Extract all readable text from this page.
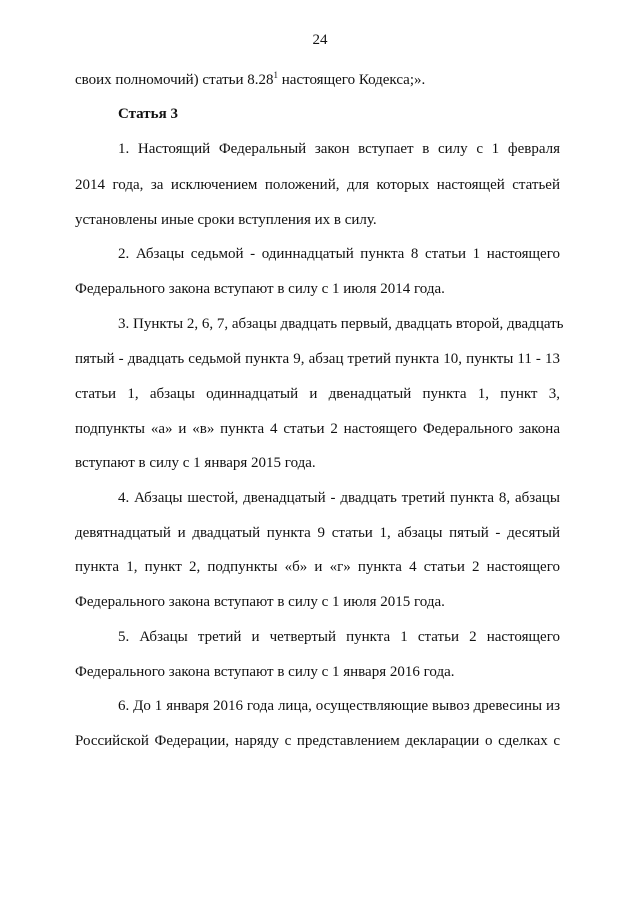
24
своих полномочий) статьи 8.28$^1$ настоящего Кодекса;».
Статья 3
1. Настоящий Федеральный закон вступает в силу с 1 февраля
2014 года, за исключением положений, для которых настоящей статьей
установлены иные сроки вступления их в силу.
2. Абзацы седьмой - одиннадцатый пункта 8 статьи 1 настоящего
Федерального закона вступают в силу с 1 июля 2014 года.
3. Пункты 2, 6, 7, абзацы двадцать первый, двадцать второй, двадцать
пятый - двадцать седьмой пункта 9, абзац третий пункта 10, пункты 11 - 13
статьи 1, абзацы одиннадцатый и двенадцатый пункта 1, пункт 3,
подпункты «а» и «в» пункта 4 статьи 2 настоящего Федерального закона
вступают в силу с 1 января 2015 года.
4. Абзацы шестой, двенадцатый - двадцать третий пункта 8, абзацы
девятнадцатый и двадцатый пункта 9 статьи 1, абзацы пятый - десятый
пункта 1, пункт 2, подпункты «б» и «г» пункта 4 статьи 2 настоящего
Федерального закона вступают в силу с 1 июля 2015 года.
5. Абзацы третий и четвертый пункта 1 статьи 2 настоящего
Федерального закона вступают в силу с 1 января 2016 года.
6. До 1 января 2016 года лица, осуществляющие вывоз древесины из
Российской Федерации, наряду с представлением декларации о сделках с
